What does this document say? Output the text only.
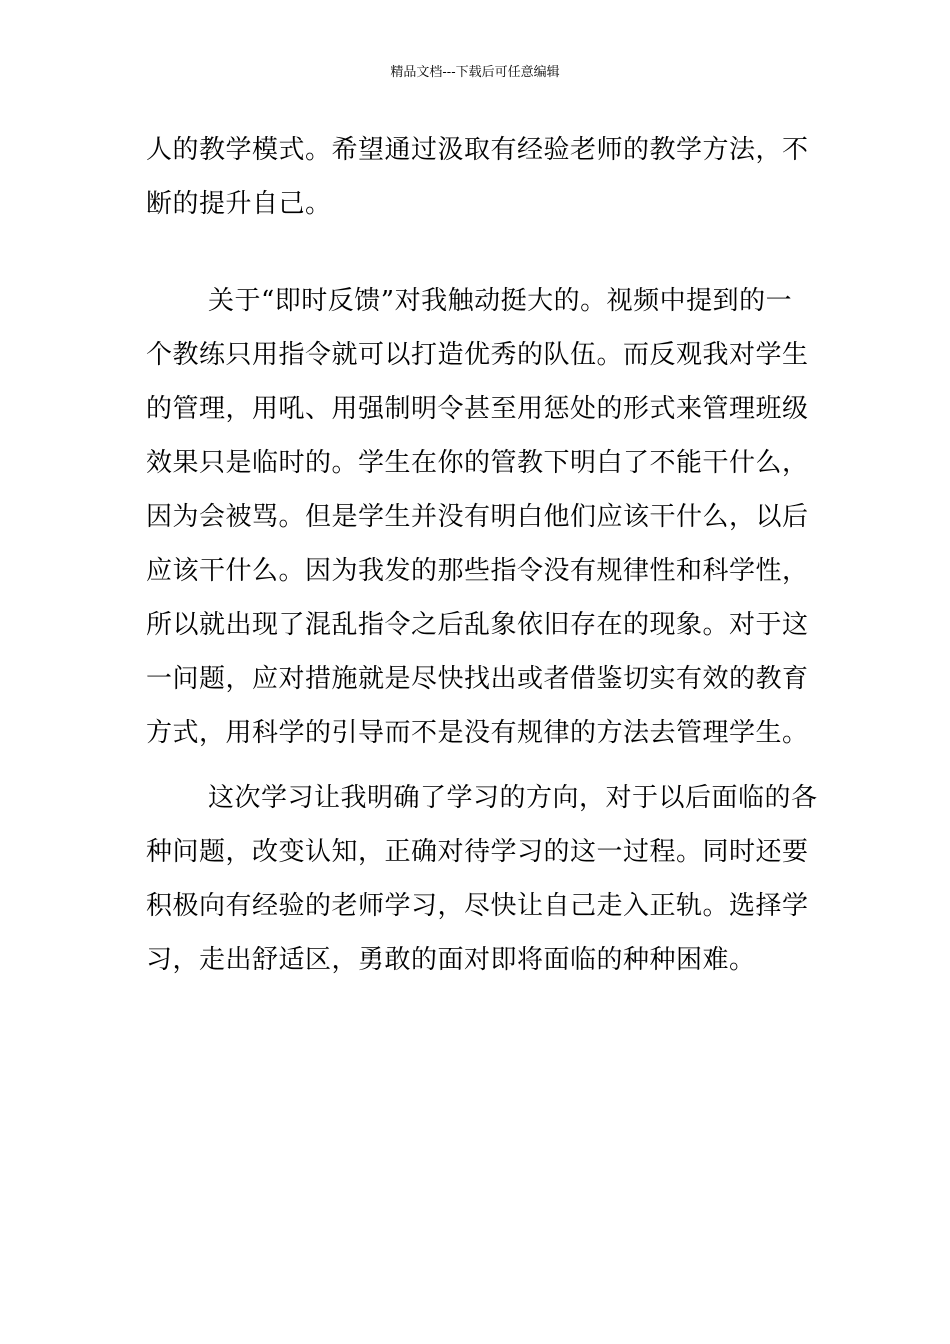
精品文档---下载后可任意编辑
人的教学模式。希望通过汲取有经验老师的教学方法，不
断的提升自己。
关于“即时反馈”对我触动挺大的。视频中提到的一
个教练只用指令就可以打造优秀的队伍。而反观我对学生
的管理，用吼、用强制明令甚至用惩处的形式来管理班级
效果只是临时的。学生在你的管教下明白了不能干什么，
因为会被骂。但是学生并没有明白他们应该干什么，以后
应该干什么。因为我发的那些指令没有规律性和科学性，
所以就出现了混乱指令之后乱象依旧存在的现象。对于这
一问题，应对措施就是尽快找出或者借鉴切实有效的教育
方式，用科学的引导而不是没有规律的方法去管理学生。
这次学习让我明确了学习的方向，对于以后面临的各
种问题，改变认知，正确对待学习的这一过程。同时还要
积极向有经验的老师学习，尽快让自己走入正轨。选择学
习，走出舒适区，勇敢的面对即将面临的种种困难。
